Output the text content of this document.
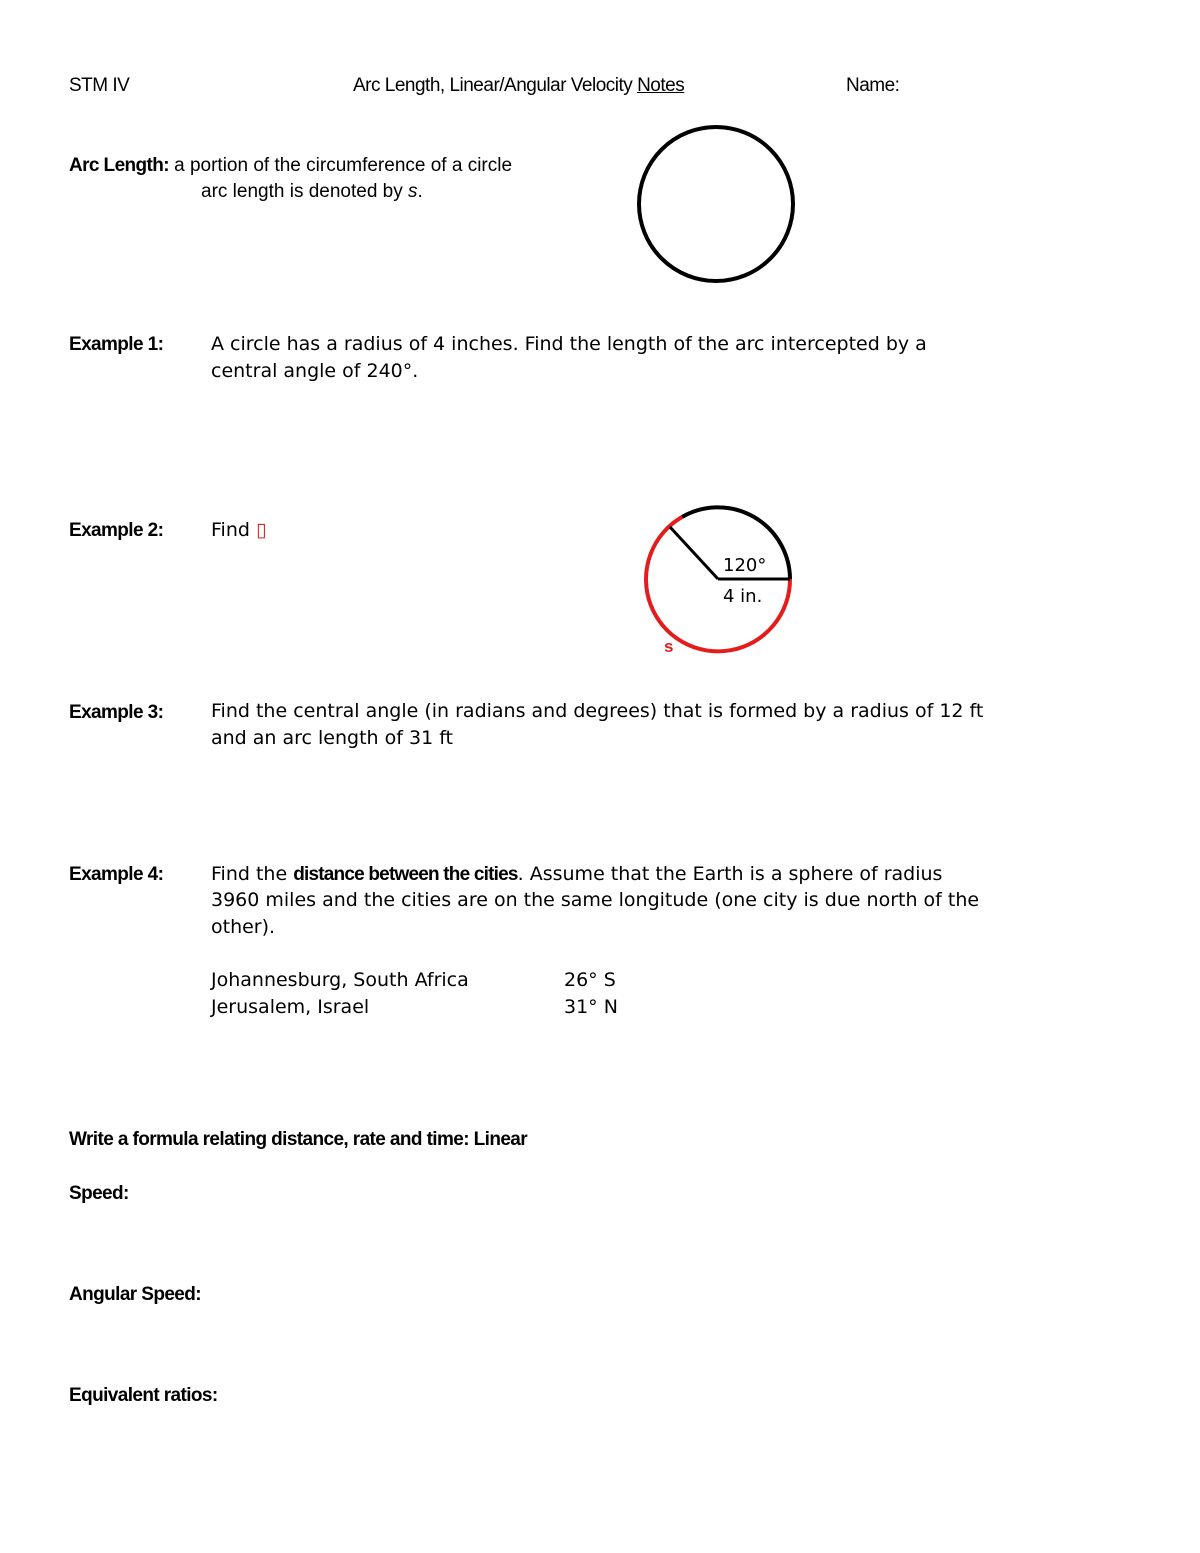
STM IV	Arc Length, Linear/Angular Velocity Notes	Name:
Arc Length: a portion of the circumference of a circle
arc length is denoted by s.
Example 1:	A circle has a radius of 4 inches. Find the length of the arc intercepted by a
central angle of 240°.
Example 2:	Find ▯
120°
4 in.
s
Example 3:	Find the central angle (in radians and degrees) that is formed by a radius of 12 ft
and an arc length of 31 ft
Example 4:	Find the distance between the cities. Assume that the Earth is a sphere of radius
3960 miles and the cities are on the same longitude (one city is due north of the
other).
Johannesburg, South Africa	26° S
Jerusalem, Israel	31° N
Write a formula relating distance, rate and time: Linear
Speed:
Angular Speed:
Equivalent ratios:
